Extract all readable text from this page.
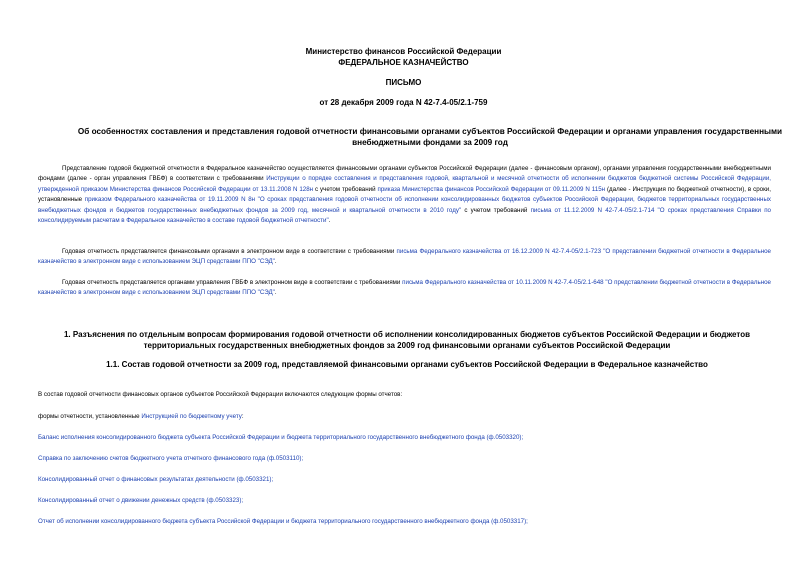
Министерство финансов Российской Федерации
ФЕДЕРАЛЬНОЕ КАЗНАЧЕЙСТВО
ПИСЬМО
от 28 декабря 2009 года N 42-7.4-05/2.1-759
Об особенностях составления и представления годовой отчетности финансовыми органами субъектов Российской Федерации и органами управления государственными внебюджетными фондами за 2009 год
Представление годовой бюджетной отчетности в Федеральное казначейство осуществляется финансовыми органами субъектов Российской Федерации (далее - финансовым органом), органами управления государственными внебюджетными фондами (далее - орган управления ГВБФ) в соответствии с требованиями Инструкции о порядке составления и представления годовой, квартальной и месячной отчетности об исполнении бюджетов бюджетной системы Российской Федерации, утвержденной приказом Министерства финансов Российской Федерации от 13.11.2008 N 128н с учетом требований приказа Министерства финансов Российской Федерации от 09.11.2009 N 115н (далее - Инструкция по бюджетной отчетности), в сроки, установленные приказом Федерального казначейства от 19.11.2009 N 8н "О сроках представления годовой отчетности об исполнении консолидированных бюджетов субъектов Российской Федерации, бюджетов территориальных государственных внебюджетных фондов и бюджетов государственных внебюджетных фондов за 2009 год, месячной и квартальной отчетности в 2010 году" с учетом требований письма от 11.12.2009 N 42-7.4-05/2.1-714 "О сроках представления Справки по консолидируемым расчетам в Федеральное казначейство в составе годовой бюджетной отчетности".
Годовая отчетность представляется финансовыми органами в электронном виде в соответствии с требованиями письма Федерального казначейства от 16.12.2009 N 42-7.4-05/2.1-723 "О представлении бюджетной отчетности в Федеральное казначейство в электронном виде с использованием ЭЦП средствами ППО "СЭД".
Годовая отчетность представляется органами управления ГВБФ в электронном виде в соответствии с требованиями письма Федерального казначейства от 10.11.2009 N 42-7.4-05/2.1-648 "О представлении бюджетной отчетности в Федеральное казначейство в электронном виде с использованием ЭЦП средствами ППО "СЭД".
1. Разъяснения по отдельным вопросам формирования годовой отчетности об исполнении консолидированных бюджетов субъектов Российской Федерации и бюджетов территориальных государственных внебюджетных фондов за 2009 год финансовыми органами субъектов Российской Федерации
1.1. Состав годовой отчетности за 2009 год, представляемой финансовыми органами субъектов Российской Федерации в Федеральное казначейство
В состав годовой отчетности финансовых органов субъектов Российской Федерации включаются следующие формы отчетов:
формы отчетности, установленные Инструкцией по бюджетному учету:
Баланс исполнения консолидированного бюджета субъекта Российской Федерации и бюджета территориального государственного внебюджетного фонда (ф.0503320);
Справка по заключению счетов бюджетного учета отчетного финансового года (ф.0503110);
Консолидированный отчет о финансовых результатах деятельности (ф.0503321);
Консолидированный отчет о движении денежных средств (ф.0503323);
Отчет об исполнении консолидированного бюджета субъекта Российской Федерации и бюджета территориального государственного внебюджетного фонда (ф.0503317);
